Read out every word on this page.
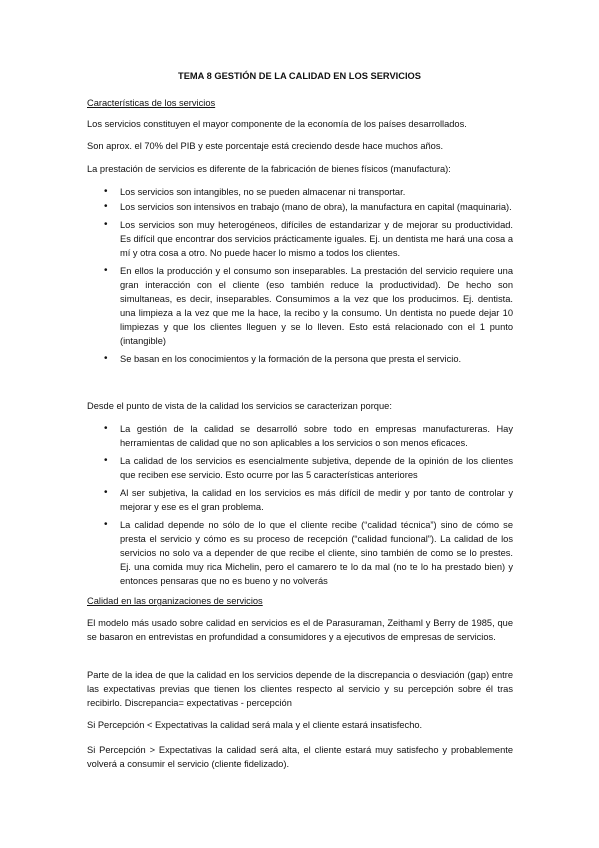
TEMA 8 GESTIÓN DE LA CALIDAD EN LOS SERVICIOS
Características de los servicios

Los servicios constituyen el mayor componente de la economía de los países desarrollados.

Son aprox. el 70% del PIB y este porcentaje está creciendo desde hace muchos años.

La prestación de servicios es diferente de la fabricación de bienes físicos (manufactura):

• Los servicios son intangibles, no se pueden almacenar ni transportar.
• Los servicios son intensivos en trabajo (mano de obra), la manufactura en capital (maquinaria).
• Los servicios son muy heterogéneos, difíciles de estandarizar y de mejorar su productividad. Es difícil que encontrar dos servicios prácticamente iguales. Ej. un dentista me hará una cosa a mí y otra cosa a otro. No puede hacer lo mismo a todos los clientes.
• En ellos la producción y el consumo son inseparables. La prestación del servicio requiere una gran interacción con el cliente (eso también reduce la productividad). De hecho son simultaneas, es decir, inseparables. Consumimos a la vez que los producimos. Ej. dentista. una limpieza a la vez que me la hace, la recibo y la consumo. Un dentista no puede dejar 10 limpiezas y que los clientes lleguen y se lo lleven. Esto está relacionado con el 1 punto (intangible)
• Se basan en los conocimientos y la formación de la persona que presta el servicio.

Desde el punto de vista de la calidad los servicios se caracterizan porque:

• La gestión de la calidad se desarrolló sobre todo en empresas manufactureras. Hay herramientas de calidad que no son aplicables a los servicios o son menos eficaces.
• La calidad de los servicios es esencialmente subjetiva, depende de la opinión de los clientes que reciben ese servicio. Esto ocurre por las 5 características anteriores
• Al ser subjetiva, la calidad en los servicios es más difícil de medir y por tanto de controlar y mejorar y ese es el gran problema.
• La calidad depende no sólo de lo que el cliente recibe (“calidad técnica”) sino de cómo se presta el servicio y cómo es su proceso de recepción (“calidad funcional”). La calidad de los servicios no solo va a depender de que recibe el cliente, sino también de como se lo prestes. Ej. una comida muy rica Michelin, pero el camarero te lo da mal (no te lo ha prestado bien) y entonces pensaras que no es bueno y no volverás
Calidad en las organizaciones de servicios

El modelo más usado sobre calidad en servicios es el de Parasuraman, Zeithaml y Berry de 1985, que se basaron en entrevistas en profundidad a consumidores y a ejecutivos de empresas de servicios.

Parte de la idea de que la calidad en los servicios depende de la discrepancia o desviación (gap) entre las expectativas previas que tienen los clientes respecto al servicio y su percepción sobre él tras recibirlo. Discrepancia= expectativas - percepción

Si Percepción < Expectativas la calidad será mala y el cliente estará insatisfecho.

Si Percepción > Expectativas la calidad será alta, el cliente estará muy satisfecho y probablemente volverá a consumir el servicio (cliente fidelizado).
